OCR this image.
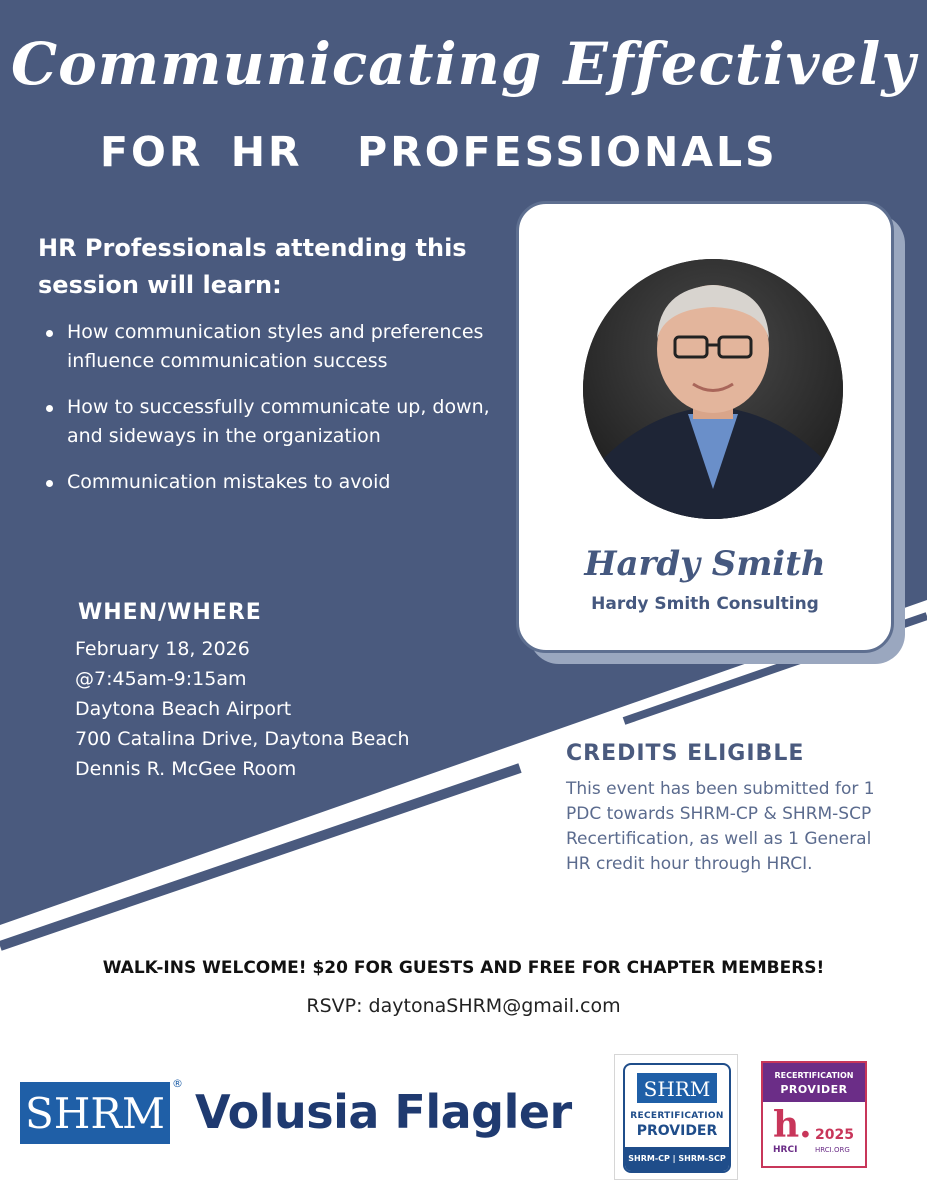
Communicating Effectively
FOR HR  PROFESSIONALS
HR Professionals attending this session will learn:
How communication styles and preferences influence communication success
How to successfully communicate up, down, and sideways in the organization
Communication mistakes to avoid
WHEN/WHERE
February 18, 2026
@7:45am-9:15am
Daytona Beach Airport
700 Catalina Drive, Daytona Beach
Dennis R. McGee Room
Hardy Smith
Hardy Smith Consulting
CREDITS ELIGIBLE
This event has been submitted for 1 PDC towards SHRM-CP & SHRM-SCP Recertification, as well as 1 General HR credit hour through HRCI.
WALK-INS WELCOME! $20 FOR GUESTS AND FREE FOR CHAPTER MEMBERS!
RSVP: daytonaSHRM@gmail.com
SHRM
®
Volusia Flagler	SHRM
RECERTIFICATION
PROVIDER
SHRM-CP | SHRM-SCP
RECERTIFICATION
PROVIDER
h.
HRCI
2025
HRCI.ORG
